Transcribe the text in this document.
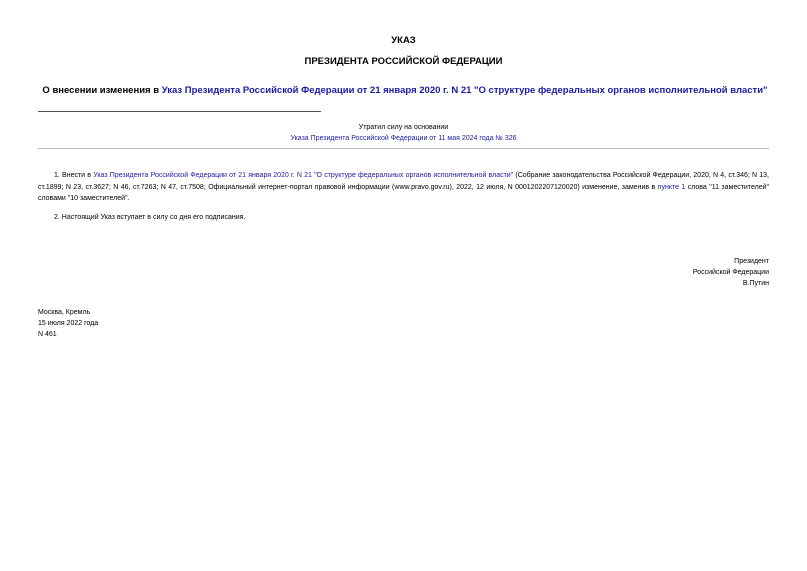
УКАЗ
ПРЕЗИДЕНТА РОССИЙСКОЙ ФЕДЕРАЦИИ
О внесении изменения в Указ Президента Российской Федерации от 21 января 2020 г. N 21 "О структуре федеральных органов исполнительной власти"
Утратил силу на основании
Указа Президента Российской Федерации от 11 мая 2024 года № 326
1. Внести в Указ Президента Российской Федерации от 21 января 2020 г. N 21 "О структуре федеральных органов исполнительной власти" (Собрание законодательства Российской Федерации, 2020, N 4, ст.346; N 13, ст.1899; N 23, ст.3627; N 46, ст.7263; N 47, ст.7508; Официальный интернет-портал правовой информации (www.pravo.gov.ru), 2022, 12 июля, N 0001202207120020) изменение, заменив в пункте 1 слова "11 заместителей" словами "10 заместителей".
2. Настоящий Указ вступает в силу со дня его подписания.
Президент
Российской Федерации
В.Путин
Москва, Кремль
15 июля 2022 года
N 461
